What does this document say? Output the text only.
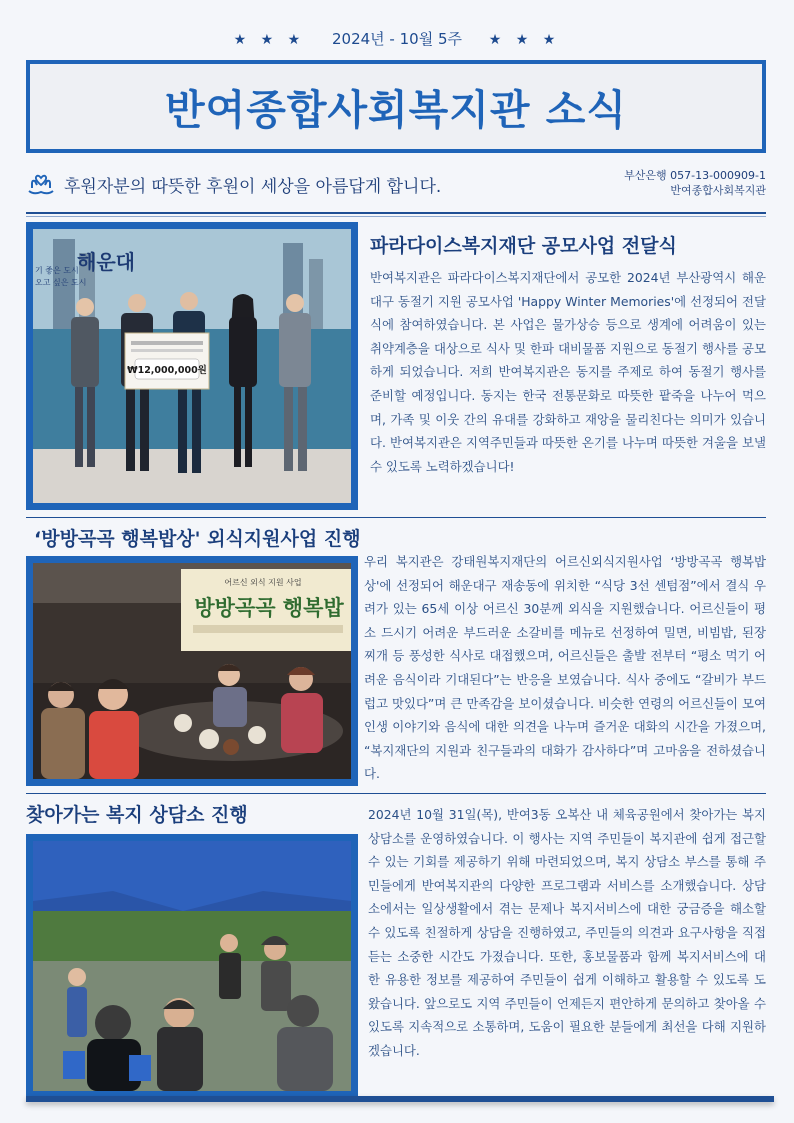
★ ★ ★ 2024년 - 10월 5주 ★ ★ ★
반여종합사회복지관 소식
후원자분의 따뜻한 후원이 세상을 아름답게 합니다.
부산은행 057-13-000909-1
반여종합사회복지관
해운대
기 좋은 도시
오고 싶은 도시
₩12,000,000원
파라다이스복지재단 공모사업 전달식
반여복지관은 파라다이스복지재단에서 공모한 2024년 부산광역시 해운대구 동절기 지원 공모사업 'Happy Winter Memories'에 선정되어 전달식에 참여하였습니다. 본 사업은 물가상승 등으로 생계에 어려움이 있는 취약계층을 대상으로 식사 및 한파 대비물품 지원으로 동절기 행사를 공모하게 되었습니다. 저희 반여복지관은 동지를 주제로 하여 동절기 행사를 준비할 예정입니다. 동지는 한국 전통문화로 따뜻한 팥죽을 나누어 먹으며, 가족 및 이웃 간의 유대를 강화하고 재앙을 물리친다는 의미가 있습니다. 반여복지관은 지역주민들과 따뜻한 온기를 나누며 따뜻한 겨울을 보낼 수 있도록 노력하겠습니다!
‘방방곡곡 행복밥상' 외식지원사업 진행
어르신 외식 지원 사업
방방곡곡 행복밥
우리 복지관은 강태원복지재단의 어르신외식지원사업 ‘방방곡곡 행복밥상'에 선정되어 해운대구 재송동에 위치한 “식당 3선 센텀점”에서 결식 우려가 있는 65세 이상 어르신 30분께 외식을 지원했습니다. 어르신들이 평소 드시기 어려운 부드러운 소갈비를 메뉴로 선정하여 밀면, 비빔밥, 된장찌개 등 풍성한 식사로 대접했으며, 어르신들은 출발 전부터 “평소 먹기 어려운 음식이라 기대된다”는 반응을 보였습니다. 식사 중에도 “갈비가 부드럽고 맛있다”며 큰 만족감을 보이셨습니다. 비슷한 연령의 어르신들이 모여 인생 이야기와 음식에 대한 의견을 나누며 즐거운 대화의 시간을 가졌으며, “복지재단의 지원과 친구들과의 대화가 감사하다”며 고마움을 전하셨습니다.
찾아가는 복지 상담소 진행	2024년 10월 31일(목), 반여3동 오복산 내 체육공원에서 찾아가는 복지상담소를 운영하였습니다. 이 행사는 지역 주민들이 복지관에 쉽게 접근할 수 있는 기회를 제공하기 위해 마련되었으며, 복지 상담소 부스를 통해 주민들에게 반여복지관의 다양한 프로그램과 서비스를 소개했습니다. 상담소에서는 일상생활에서 겪는 문제나 복지서비스에 대한 궁금증을 해소할 수 있도록 친절하게 상담을 진행하였고, 주민들의 의견과 요구사항을 직접 듣는 소중한 시간도 가졌습니다. 또한, 홍보물품과 함께 복지서비스에 대한 유용한 정보를 제공하여 주민들이 쉽게 이해하고 활용할 수 있도록 도왔습니다. 앞으로도 지역 주민들이 언제든지 편안하게 문의하고 찾아올 수 있도록 지속적으로 소통하며, 도움이 필요한 분들에게 최선을 다해 지원하겠습니다.
